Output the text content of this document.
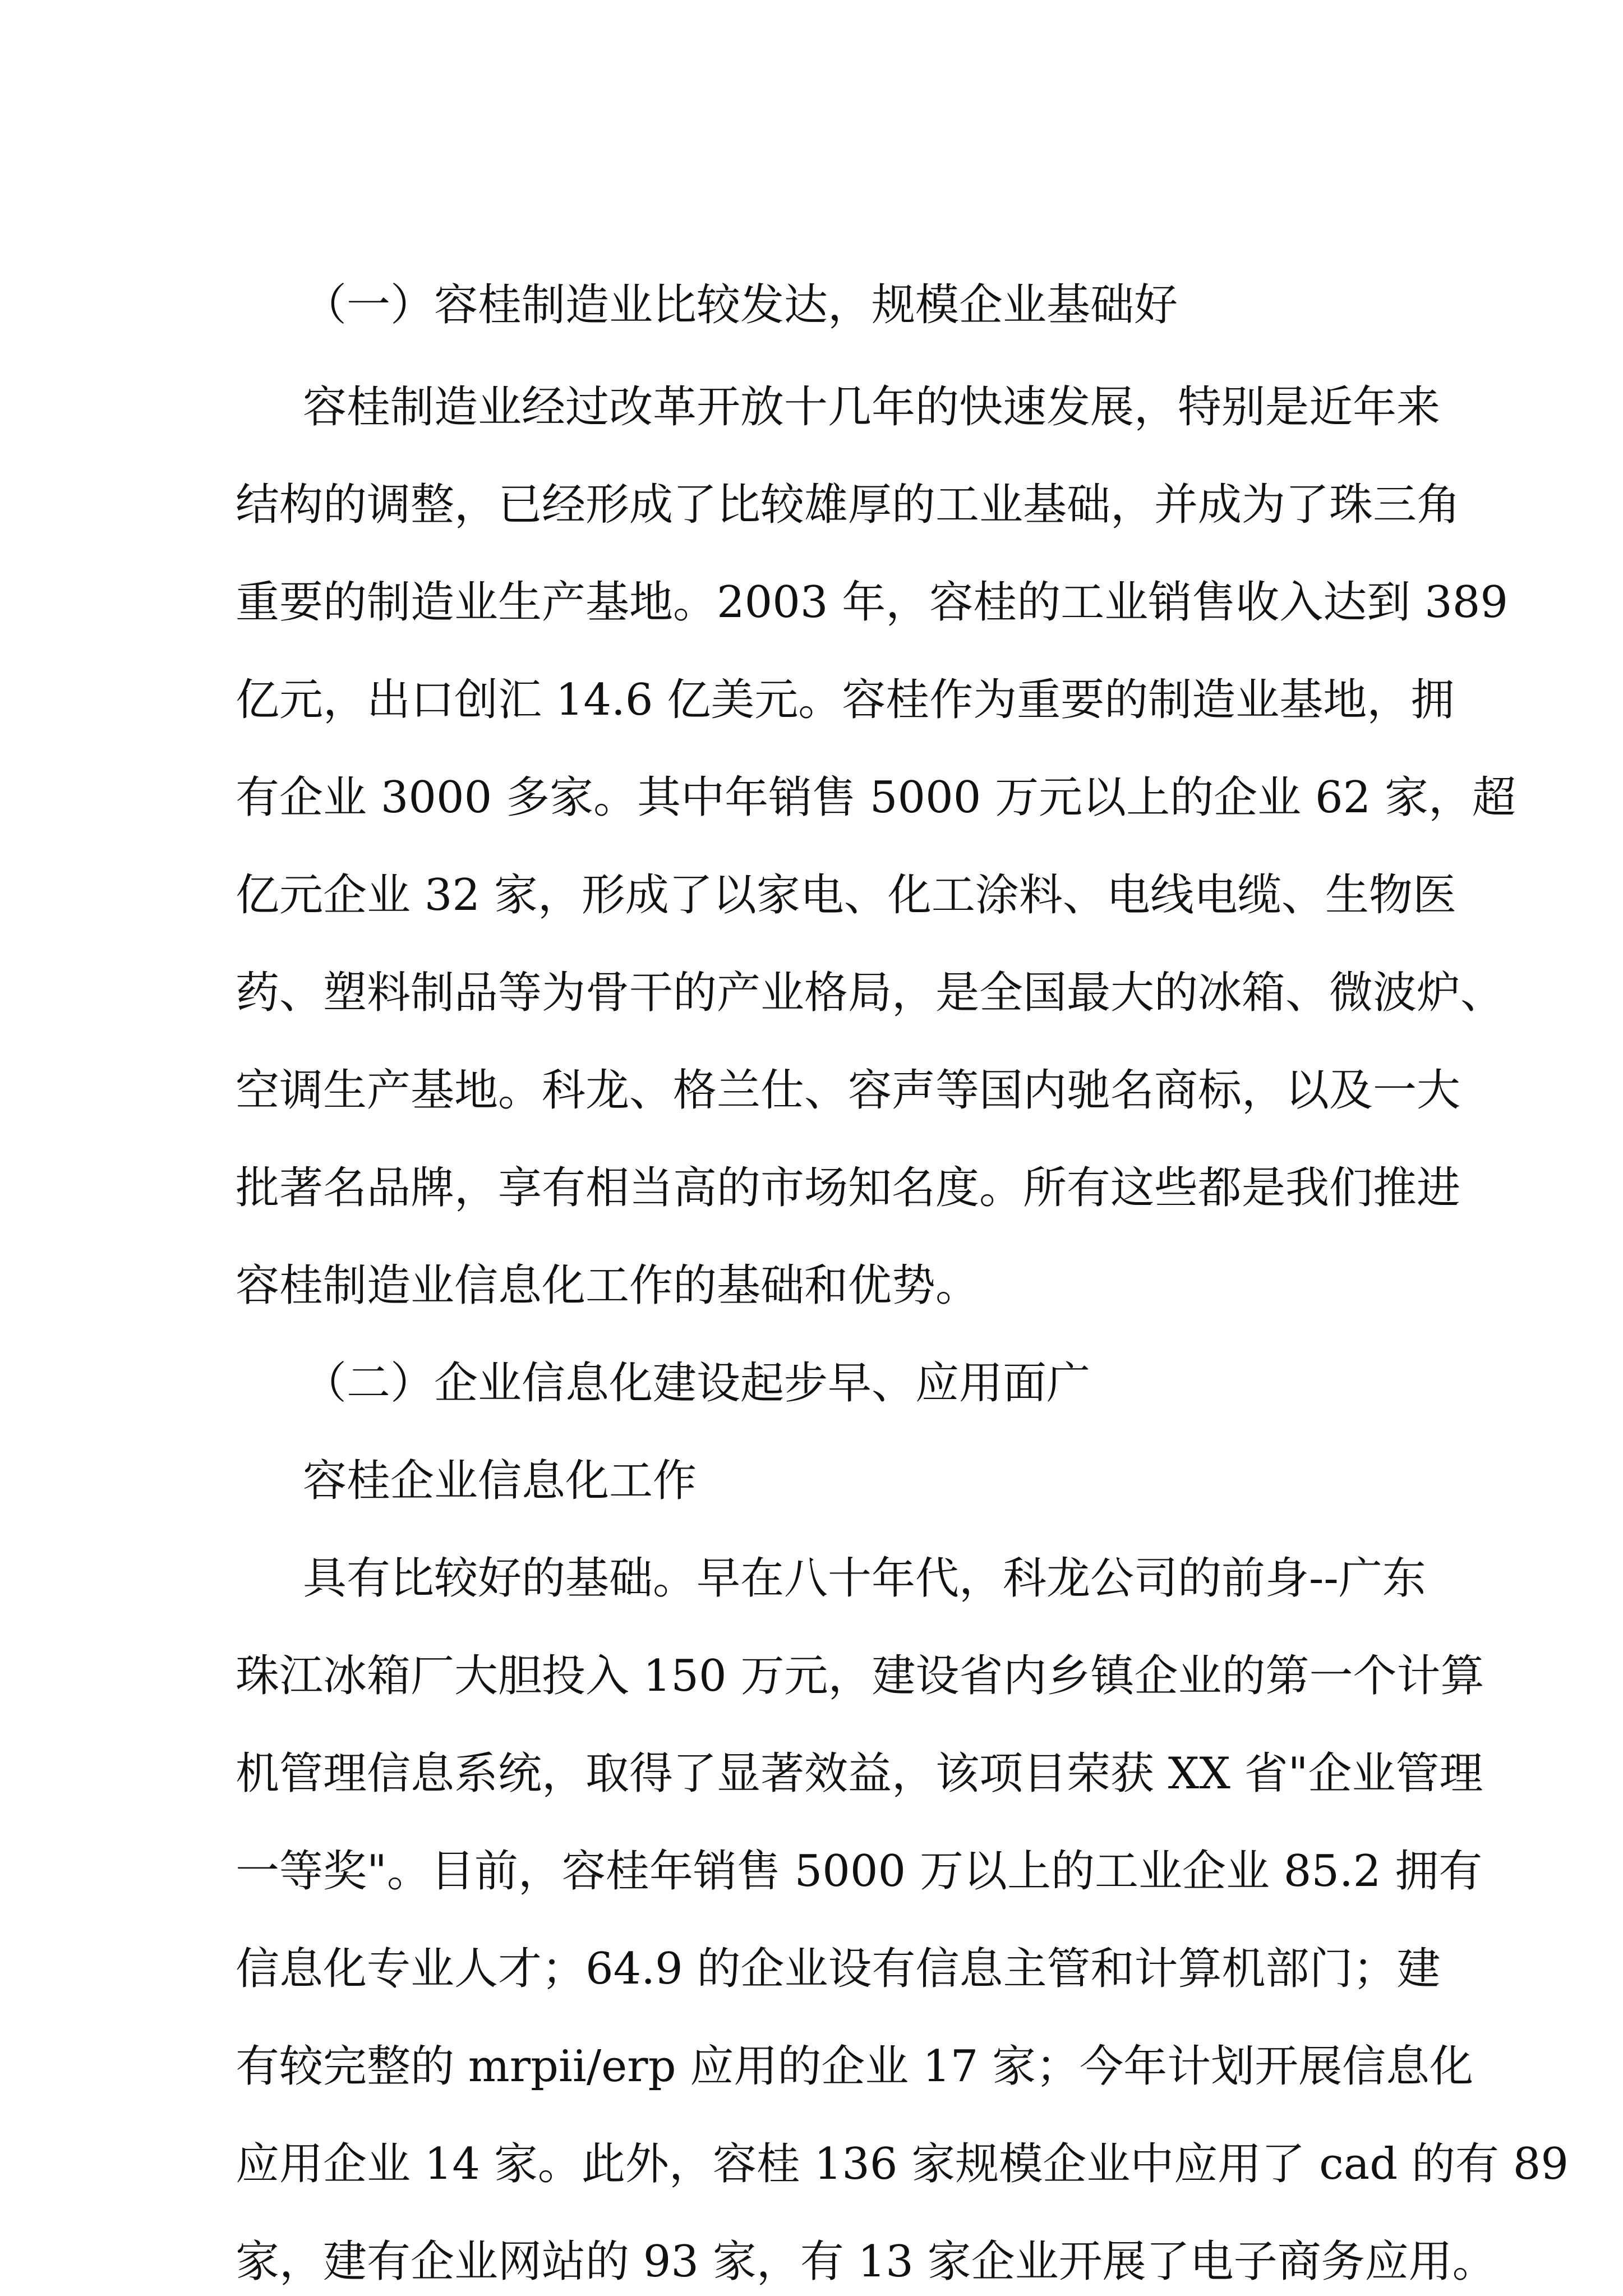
（一）容桂制造业比较发达，规模企业基础好
容桂制造业经过改革开放十几年的快速发展，特别是近年来
结构的调整，已经形成了比较雄厚的工业基础，并成为了珠三角
重要的制造业生产基地。2003 年，容桂的工业销售收入达到 389
亿元，出口创汇 14.6 亿美元。容桂作为重要的制造业基地，拥
有企业 3000 多家。其中年销售 5000 万元以上的企业 62 家，超
亿元企业 32 家，形成了以家电、化工涂料、电线电缆、生物医
药、塑料制品等为骨干的产业格局，是全国最大的冰箱、微波炉、
空调生产基地。科龙、格兰仕、容声等国内驰名商标，以及一大
批著名品牌，享有相当高的市场知名度。所有这些都是我们推进
容桂制造业信息化工作的基础和优势。
（二）企业信息化建设起步早、应用面广
容桂企业信息化工作
具有比较好的基础。早在八十年代，科龙公司的前身--广东
珠江冰箱厂大胆投入 150 万元，建设省内乡镇企业的第一个计算
机管理信息系统，取得了显著效益，该项目荣获 XX 省"企业管理
一等奖"。目前，容桂年销售 5000 万以上的工业企业 85.2 拥有
信息化专业人才；64.9 的企业设有信息主管和计算机部门；建
有较完整的 mrpii/erp 应用的企业 17 家；今年计划开展信息化
应用企业 14 家。此外，容桂 136 家规模企业中应用了 cad 的有 89
家，建有企业网站的 93 家，有 13 家企业开展了电子商务应用。
